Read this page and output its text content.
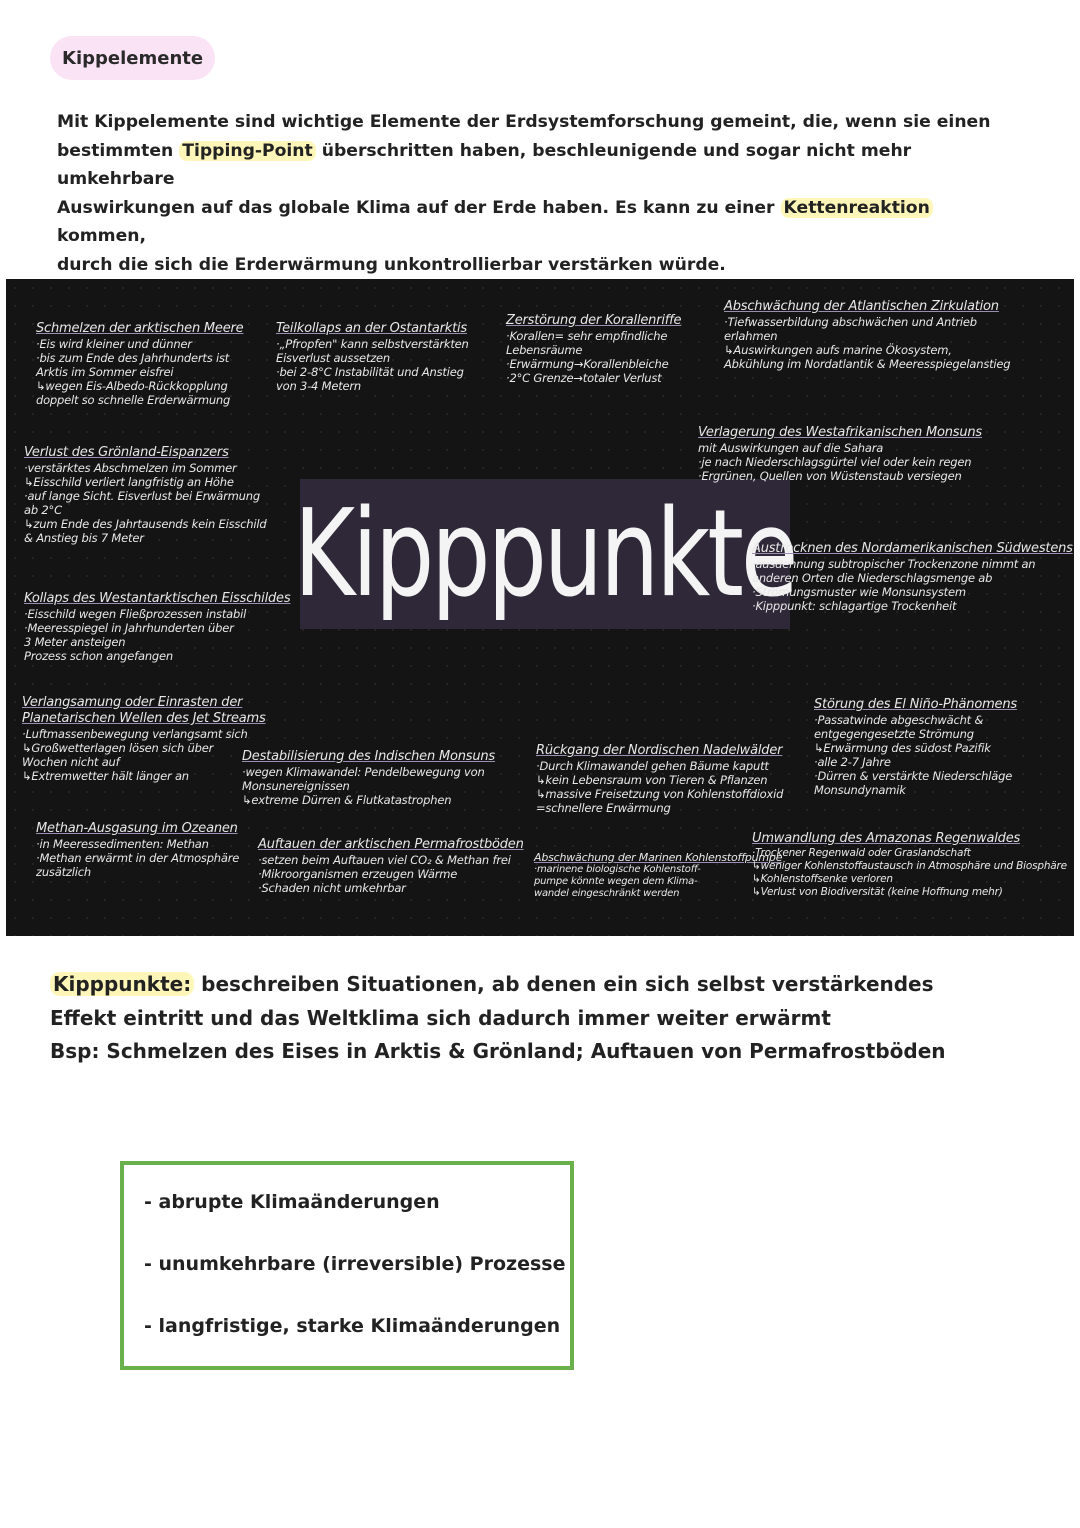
Kippelemente
Mit Kippelemente sind wichtige Elemente der Erdsystemforschung gemeint, die, wenn sie einen
bestimmten Tipping-Point überschritten haben, beschleunigende und sogar nicht mehr umkehrbare
Auswirkungen auf das globale Klima auf der Erde haben. Es kann zu einer Kettenreaktion kommen,
durch die sich die Erderwärmung unkontrollierbar verstärken würde.
Kipppunkte
Schmelzen der arktischen Meere
·Eis wird kleiner und dünner
·bis zum Ende des Jahrhunderts ist
Arktis im Sommer eisfrei
↳wegen Eis-Albedo-Rückkopplung
doppelt so schnelle Erderwärmung
Teilkollaps an der Ostantarktis
·„Pfropfen" kann selbstverstärkten
Eisverlust aussetzen
·bei 2-8°C Instabilität und Anstieg
von 3-4 Metern
Zerstörung der Korallenriffe
·Korallen= sehr empfindliche
Lebensräume
·Erwärmung→Korallenbleiche
·2°C Grenze→totaler Verlust
Abschwächung der Atlantischen Zirkulation
·Tiefwasserbildung abschwächen und Antrieb
erlahmen
↳Auswirkungen aufs marine Ökosystem,
Abkühlung im Nordatlantik & Meeresspiegelanstieg
Verlust des Grönland-Eispanzers
·verstärktes Abschmelzen im Sommer
↳Eisschild verliert langfristig an Höhe
·auf lange Sicht. Eisverlust bei Erwärmung
ab 2°C
↳zum Ende des Jahrtausends kein Eisschild
& Anstieg bis 7 Meter
Verlagerung des Westafrikanischen Monsuns
mit Auswirkungen auf die Sahara
·je nach Niederschlagsgürtel viel oder kein regen
·Ergrünen, Quellen von Wüstenstaub versiegen
Austrocknen des Nordamerikanischen Südwestens
·ausdehnung subtropischer Trockenzone nimmt an
anderen Orten die Niederschlagsmenge ab
·Strömungsmuster wie Monsunsystem
·Kipppunkt: schlagartige Trockenheit
Kollaps des Westantarktischen Eisschildes
·Eisschild wegen Fließprozessen instabil
·Meeresspiegel in Jahrhunderten über
3 Meter ansteigen
Prozess schon angefangen
Verlangsamung oder Einrasten der Planetarischen Wellen des Jet Streams
·Luftmassenbewegung verlangsamt sich
↳Großwetterlagen lösen sich über
Wochen nicht auf
↳Extremwetter hält länger an
Destabilisierung des Indischen Monsuns
·wegen Klimawandel: Pendelbewegung von
Monsunereignissen
↳extreme Dürren & Flutkatastrophen
Rückgang der Nordischen Nadelwälder
·Durch Klimawandel gehen Bäume kaputt
↳kein Lebensraum von Tieren & Pflanzen
↳massive Freisetzung von Kohlenstoffdioxid
=schnellere Erwärmung
Störung des El Niño-Phänomens
·Passatwinde abgeschwächt &
entgegengesetzte Strömung
↳Erwärmung des südost Pazifik
·alle 2-7 Jahre
·Dürren & verstärkte Niederschläge
Monsundynamik
Methan-Ausgasung im Ozeanen
·in Meeressedimenten: Methan
·Methan erwärmt in der Atmosphäre
zusätzlich
Auftauen der arktischen Permafrostböden
·setzen beim Auftauen viel CO₂ & Methan frei
·Mikroorganismen erzeugen Wärme
·Schaden nicht umkehrbar
Abschwächung der Marinen Kohlenstoffpumpe
·marinene biologische Kohlenstoff-
pumpe könnte wegen dem Klima-
wandel eingeschränkt werden
Umwandlung des Amazonas Regenwaldes
·Trockener Regenwald oder Graslandschaft
↳weniger Kohlenstoffaustausch in Atmosphäre und Biosphäre
↳Kohlenstoffsenke verloren
↳Verlust von Biodiversität (keine Hoffnung mehr)
Kipppunkte: beschreiben Situationen, ab denen ein sich selbst verstärkendes
Effekt eintritt und das Weltklima sich dadurch immer weiter erwärmt
Bsp: Schmelzen des Eises in Arktis & Grönland; Auftauen von Permafrostböden
- abrupte Klimaänderungen
- unumkehrbare (irreversible) Prozesse
- langfristige, starke Klimaänderungen
